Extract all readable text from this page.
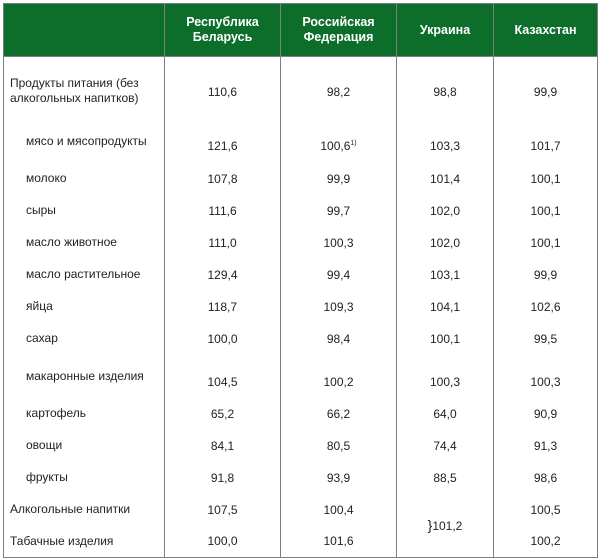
	Республика Беларусь	Российская Федерация	Украина	Казахстан
Продукты питания (без алкогольных напитков)	110,6	98,2	98,8	99,9
мясо и мясопродукты	121,6	100,6$^{1)}$	103,3	101,7
молоко	107,8	99,9	101,4	100,1
сыры	111,6	99,7	102,0	100,1
масло животное	111,0	100,3	102,0	100,1
масло растительное	129,4	99,4	103,1	99,9
яйца	118,7	109,3	104,1	102,6
сахар	100,0	98,4	100,1	99,5
макаронные изделия	104,5	100,2	100,3	100,3
картофель	65,2	66,2	64,0	90,9
овощи	84,1	80,5	74,4	91,3
фрукты	91,8	93,9	88,5	98,6
Алкогольные напитки	107,5	100,4	}101,2	100,5
Табачные изделия	100,0	101,6		100,2
